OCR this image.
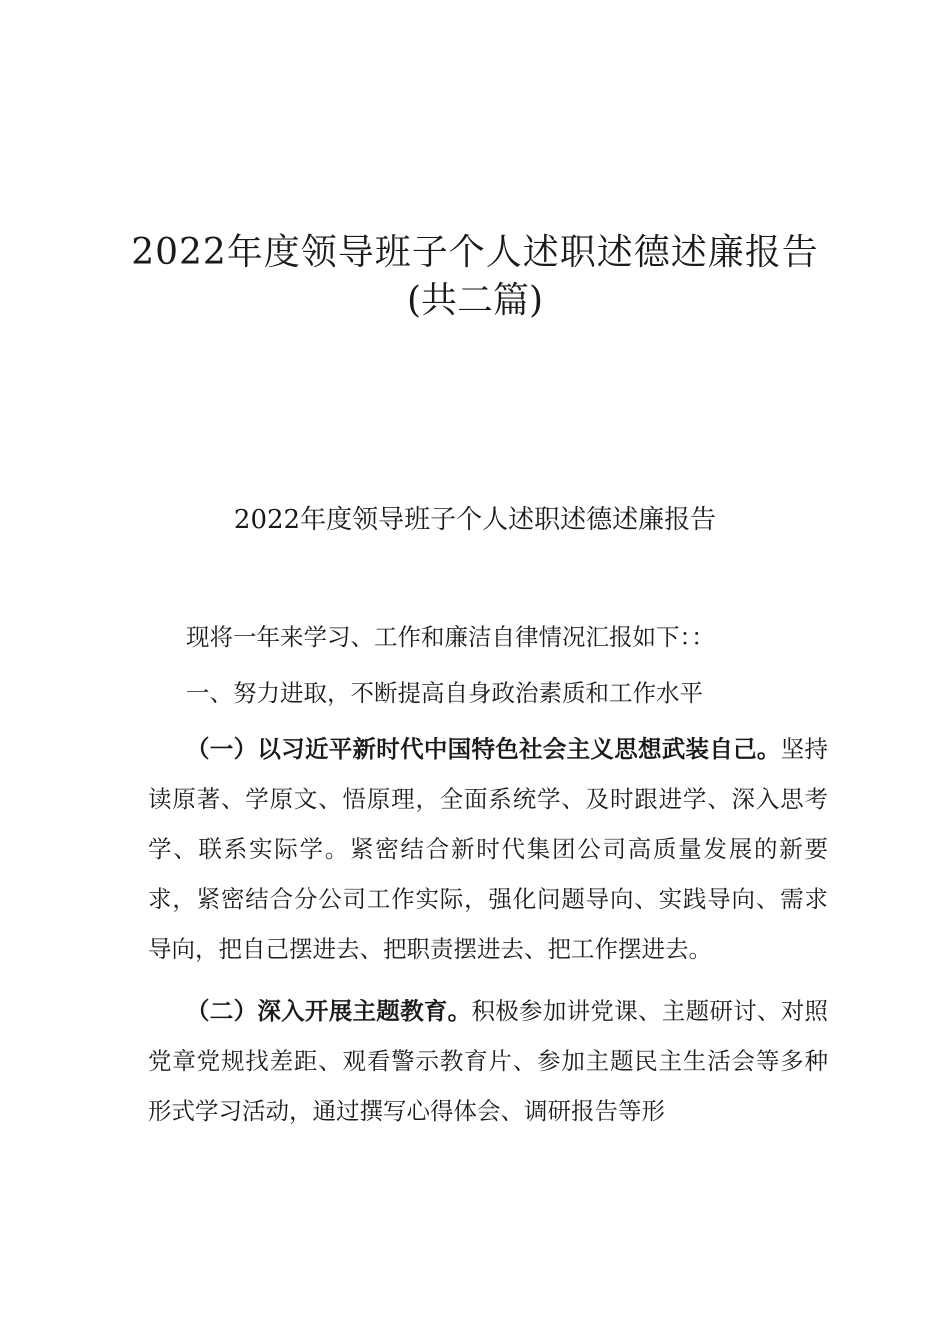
2022年度领导班子个人述职述德述廉报告
(共二篇)
2022年度领导班子个人述职述德述廉报告

现将一年来学习、工作和廉洁自律情况汇报如下：：

一、努力进取，不断提高自身政治素质和工作水平

（一）以习近平新时代中国特色社会主义思想武装自己。坚持读原著、学原文、悟原理，全面系统学、及时跟进学、深入思考学、联系实际学。紧密结合新时代集团公司高质量发展的新要求，紧密结合分公司工作实际，强化问题导向、实践导向、需求导向，把自己摆进去、把职责摆进去、把工作摆进去。

（二）深入开展主题教育。积极参加讲党课、主题研讨、对照党章党规找差距、观看警示教育片、参加主题民主生活会等多种形式学习活动，通过撰写心得体会、调研报告等形
